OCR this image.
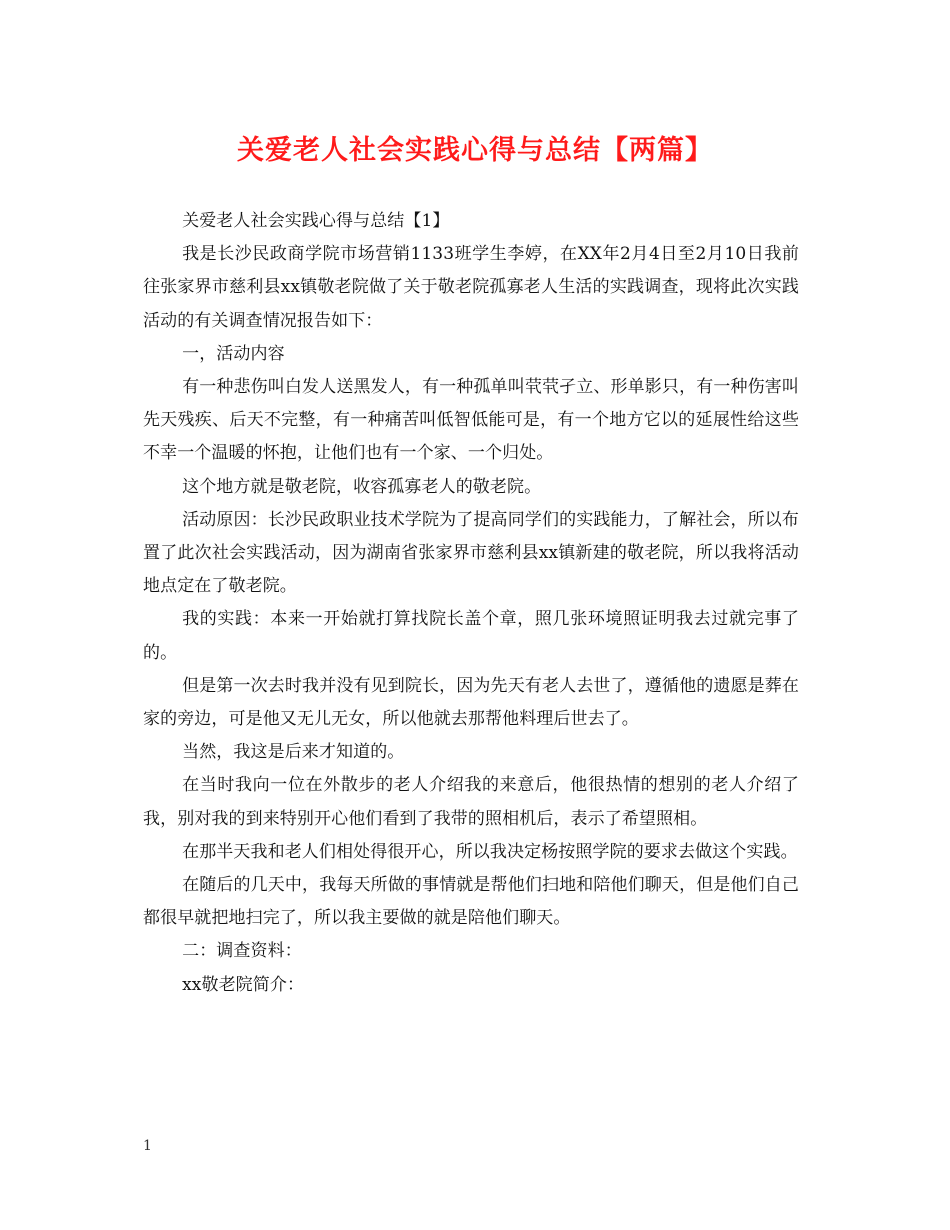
关爱老人社会实践心得与总结【两篇】

关爱老人社会实践心得与总结【1】

我是长沙民政商学院市场营销1133班学生李婷，在XX年2月4日至2月10日我前往张家界市慈利县xx镇敬老院做了关于敬老院孤寡老人生活的实践调查，现将此次实践活动的有关调查情况报告如下：

一，活动内容

有一种悲伤叫白发人送黑发人，有一种孤单叫茕茕孑立、形单影只，有一种伤害叫先天残疾、后天不完整，有一种痛苦叫低智低能可是，有一个地方它以的延展性给这些不幸一个温暖的怀抱，让他们也有一个家、一个归处。

这个地方就是敬老院，收容孤寡老人的敬老院。

活动原因：长沙民政职业技术学院为了提高同学们的实践能力，了解社会，所以布置了此次社会实践活动，因为湖南省张家界市慈利县xx镇新建的敬老院，所以我将活动地点定在了敬老院。

我的实践：本来一开始就打算找院长盖个章，照几张环境照证明我去过就完事了的。

但是第一次去时我并没有见到院长，因为先天有老人去世了，遵循他的遗愿是葬在家的旁边，可是他又无儿无女，所以他就去那帮他料理后世去了。

当然，我这是后来才知道的。

在当时我向一位在外散步的老人介绍我的来意后，他很热情的想别的老人介绍了我，别对我的到来特别开心他们看到了我带的照相机后，表示了希望照相。

在那半天我和老人们相处得很开心，所以我决定杨按照学院的要求去做这个实践。

在随后的几天中，我每天所做的事情就是帮他们扫地和陪他们聊天，但是他们自己都很早就把地扫完了，所以我主要做的就是陪他们聊天。

二：调查资料：

xx敬老院简介：

1
